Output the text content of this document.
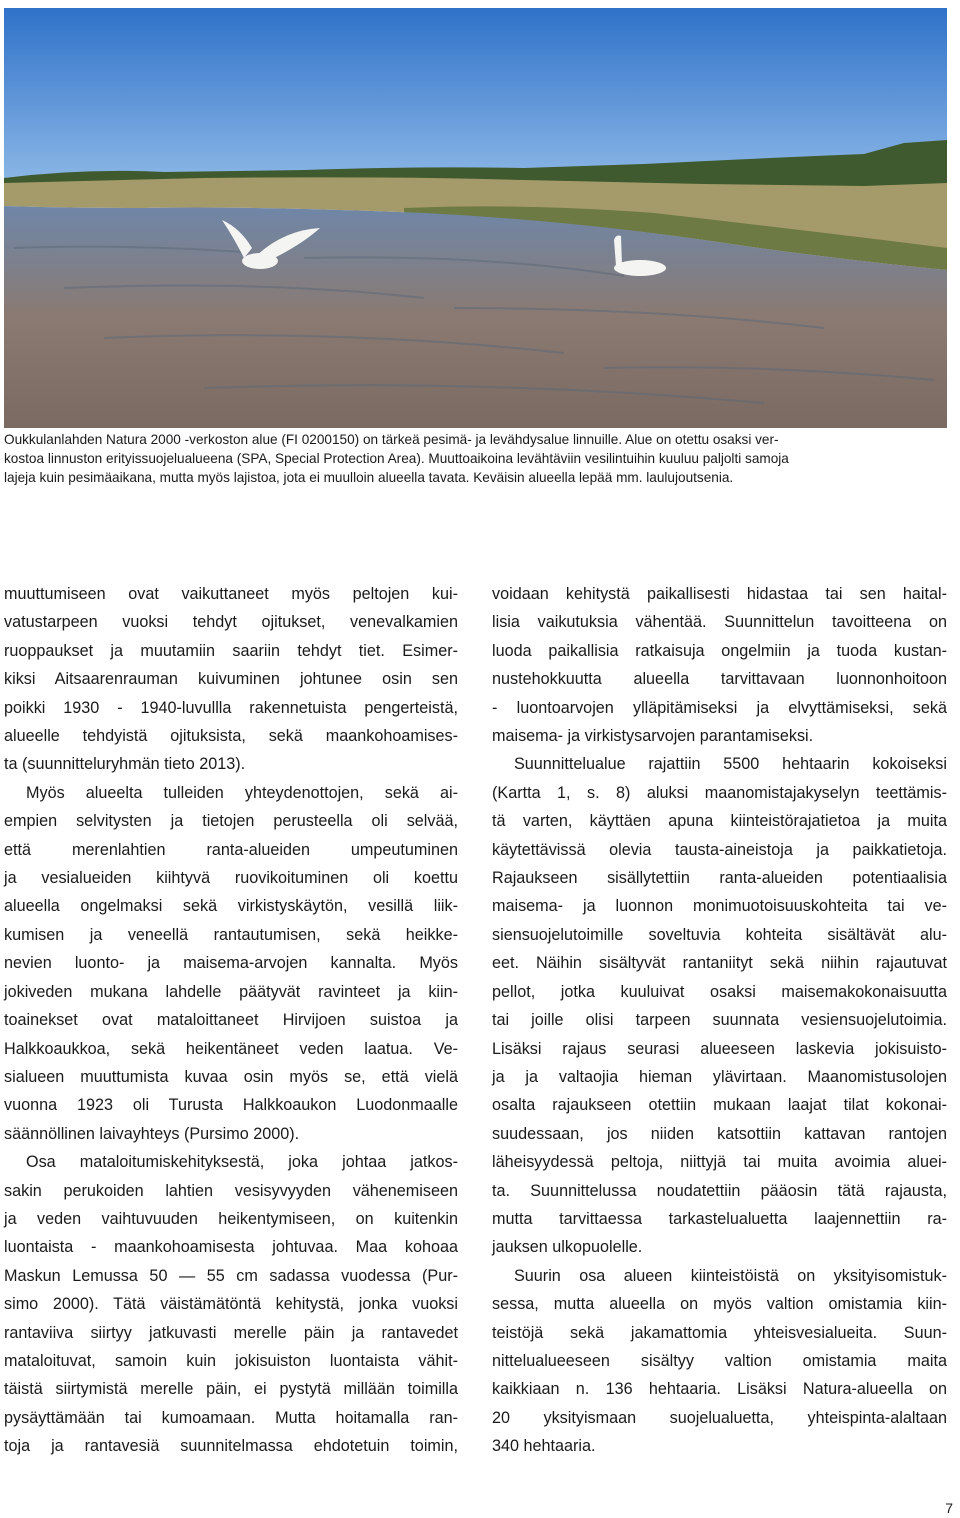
Oukkulanlahden Natura 2000 -verkoston alue (FI 0200150) on tärkeä pesimä- ja levähdysalue linnuille. Alue on otettu osaksi ver-
kostoa linnuston erityissuojelualueena (SPA, Special Protection Area). Muuttoaikoina levähtäviin vesilintuihin kuuluu paljolti samoja
lajeja kuin pesimäaikana, mutta myös lajistoa, jota ei muulloin alueella tavata. Keväisin alueella lepää mm. laulujoutsenia.
muuttumiseen ovat vaikuttaneet myös peltojen kui-
vatustarpeen vuoksi tehdyt ojitukset, venevalkamien
ruoppaukset ja muutamiin saariin tehdyt tiet. Esimer-
kiksi Aitsaarenrauman kuivuminen johtunee osin sen
poikki 1930 - 1940-luvullla rakennetuista pengerteistä,
alueelle tehdyistä ojituksista, sekä maankohoamises-
ta (suunnitteluryhmän tieto 2013).
Myös alueelta tulleiden yhteydenottojen, sekä ai-
empien selvitysten ja tietojen perusteella oli selvää,
että merenlahtien ranta-alueiden umpeutuminen
ja vesialueiden kiihtyvä ruovikoituminen oli koettu
alueella ongelmaksi sekä virkistyskäytön, vesillä liik-
kumisen ja veneellä rantautumisen, sekä heikke-
nevien luonto- ja maisema-arvojen kannalta. Myös
jokiveden mukana lahdelle päätyvät ravinteet ja kiin-
toainekset ovat mataloittaneet Hirvijoen suistoa ja
Halkkoaukkoa, sekä heikentäneet veden laatua. Ve-
sialueen muuttumista kuvaa osin myös se, että vielä
vuonna 1923 oli Turusta Halkkoaukon Luodonmaalle
säännöllinen laivayhteys (Pursimo 2000).
Osa mataloitumiskehityksestä, joka johtaa jatkos-
sakin perukoiden lahtien vesisyvyyden vähenemiseen
ja veden vaihtuvuuden heikentymiseen, on kuitenkin
luontaista - maankohoamisesta johtuvaa. Maa kohoaa
Maskun Lemussa 50 — 55 cm sadassa vuodessa (Pur-
simo 2000). Tätä väistämätöntä kehitystä, jonka vuoksi
rantaviiva siirtyy jatkuvasti merelle päin ja rantavedet
mataloituvat, samoin kuin jokisuiston luontaista vähit-
täistä siirtymistä merelle päin, ei pystytä millään toimilla
pysäyttämään tai kumoamaan. Mutta hoitamalla ran-
toja ja rantavesiä suunnitelmassa ehdotetuin toimin,
voidaan kehitystä paikallisesti hidastaa tai sen haital-
lisia vaikutuksia vähentää. Suunnittelun tavoitteena on
luoda paikallisia ratkaisuja ongelmiin ja tuoda kustan-
nustehokkuutta alueella tarvittavaan luonnonhoitoon
- luontoarvojen ylläpitämiseksi ja elvyttämiseksi, sekä
maisema- ja virkistysarvojen parantamiseksi.
Suunnittelualue rajattiin 5500 hehtaarin kokoiseksi
(Kartta 1, s. 8) aluksi maanomistajakyselyn teettämis-
tä varten, käyttäen apuna kiinteistörajatietoa ja muita
käytettävissä olevia tausta-aineistoja ja paikkatietoja.
Rajaukseen sisällytettiin ranta-alueiden potentiaalisia
maisema- ja luonnon monimuotoisuuskohteita tai ve-
siensuojelutoimille soveltuvia kohteita sisältävät alu-
eet. Näihin sisältyvät rantaniityt sekä niihin rajautuvat
pellot, jotka kuuluivat osaksi maisemakokonaisuutta
tai joille olisi tarpeen suunnata vesiensuojelutoimia.
Lisäksi rajaus seurasi alueeseen laskevia jokisuisto-
ja ja valtaojia hieman ylävirtaan. Maanomistusolojen
osalta rajaukseen otettiin mukaan laajat tilat kokonai-
suudessaan, jos niiden katsottiin kattavan rantojen
läheisyydessä peltoja, niittyjä tai muita avoimia aluei-
ta. Suunnittelussa noudatettiin pääosin tätä rajausta,
mutta tarvittaessa tarkastelualuetta laajennettiin ra-
jauksen ulkopuolelle.
Suurin osa alueen kiinteistöistä on yksityisomistuk-
sessa, mutta alueella on myös valtion omistamia kiin-
teistöjä sekä jakamattomia yhteisvesialueita. Suun-
nittelualueeseen sisältyy valtion omistamia maita
kaikkiaan n. 136 hehtaaria. Lisäksi Natura-alueella on
20 yksityismaan suojelualuetta, yhteispinta-alaltaan
340 hehtaaria.
7
